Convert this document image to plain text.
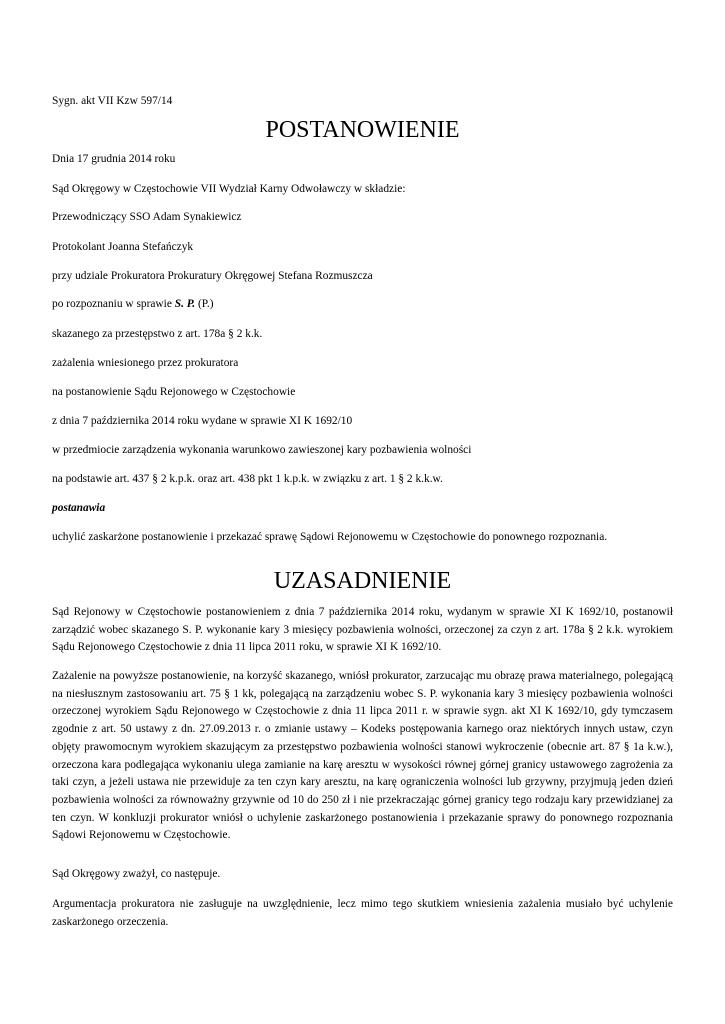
Sygn. akt VII Kzw 597/14

POSTANOWIENIE

Dnia 17 grudnia 2014 roku

Sąd Okręgowy w Częstochowie VII Wydział Karny Odwoławczy w składzie:

Przewodniczący SSO Adam Synakiewicz

Protokolant Joanna Stefańczyk

przy udziale Prokuratora Prokuratury Okręgowej Stefana Rozmuszcza

po rozpoznaniu w sprawie S. P. (P.)

skazanego za przestępstwo z art. 178a § 2 k.k.

zażalenia wniesionego przez prokuratora

na postanowienie Sądu Rejonowego w Częstochowie

z dnia 7 października 2014 roku wydane w sprawie XI K 1692/10

w przedmiocie zarządzenia wykonania warunkowo zawieszonej kary pozbawienia wolności

na podstawie art. 437 § 2 k.p.k. oraz art. 438 pkt 1 k.p.k. w związku z art. 1 § 2 k.k.w.

postanawia

uchylić zaskarżone postanowienie i przekazać sprawę Sądowi Rejonowemu w Częstochowie do ponownego rozpoznania.

UZASADNIENIE

Sąd Rejonowy w Częstochowie postanowieniem z dnia 7 października 2014 roku, wydanym w sprawie XI K 1692/10, postanowił zarządzić wobec skazanego S. P. wykonanie kary 3 miesięcy pozbawienia wolności, orzeczonej za czyn z art. 178a § 2 k.k. wyrokiem Sądu Rejonowego Częstochowie z dnia 11 lipca 2011 roku, w sprawie XI K 1692/10.

Zażalenie na powyższe postanowienie, na korzyść skazanego, wniósł prokurator, zarzucając mu obrazę prawa materialnego, polegającą na niesłusznym zastosowaniu art. 75 § 1 kk, polegającą na zarządzeniu wobec S. P. wykonania kary 3 miesięcy pozbawienia wolności orzeczonej wyrokiem Sądu Rejonowego w Częstochowie z dnia 11 lipca 2011 r. w sprawie sygn. akt XI K 1692/10, gdy tymczasem zgodnie z art. 50 ustawy z dn. 27.09.2013 r. o zmianie ustawy – Kodeks postępowania karnego oraz niektórych innych ustaw, czyn objęty prawomocnym wyrokiem skazującym za przestępstwo pozbawienia wolności stanowi wykroczenie (obecnie art. 87 § 1a k.w.), orzeczona kara podlegająca wykonaniu ulega zamianie na karę aresztu w wysokości równej górnej granicy ustawowego zagrożenia za taki czyn, a jeżeli ustawa nie przewiduje za ten czyn kary aresztu, na karę ograniczenia wolności lub grzywny, przyjmują jeden dzień pozbawienia wolności za równoważny grzywnie od 10 do 250 zł i nie przekraczając górnej granicy tego rodzaju kary przewidzianej za ten czyn. W konkluzji prokurator wniósł o uchylenie zaskarżonego postanowienia i przekazanie sprawy do ponownego rozpoznania Sądowi Rejonowemu w Częstochowie.

Sąd Okręgowy zważył, co następuje.

Argumentacja prokuratora nie zasługuje na uwzględnienie, lecz mimo tego skutkiem wniesienia zażalenia musiało być uchylenie zaskarżonego orzeczenia.
